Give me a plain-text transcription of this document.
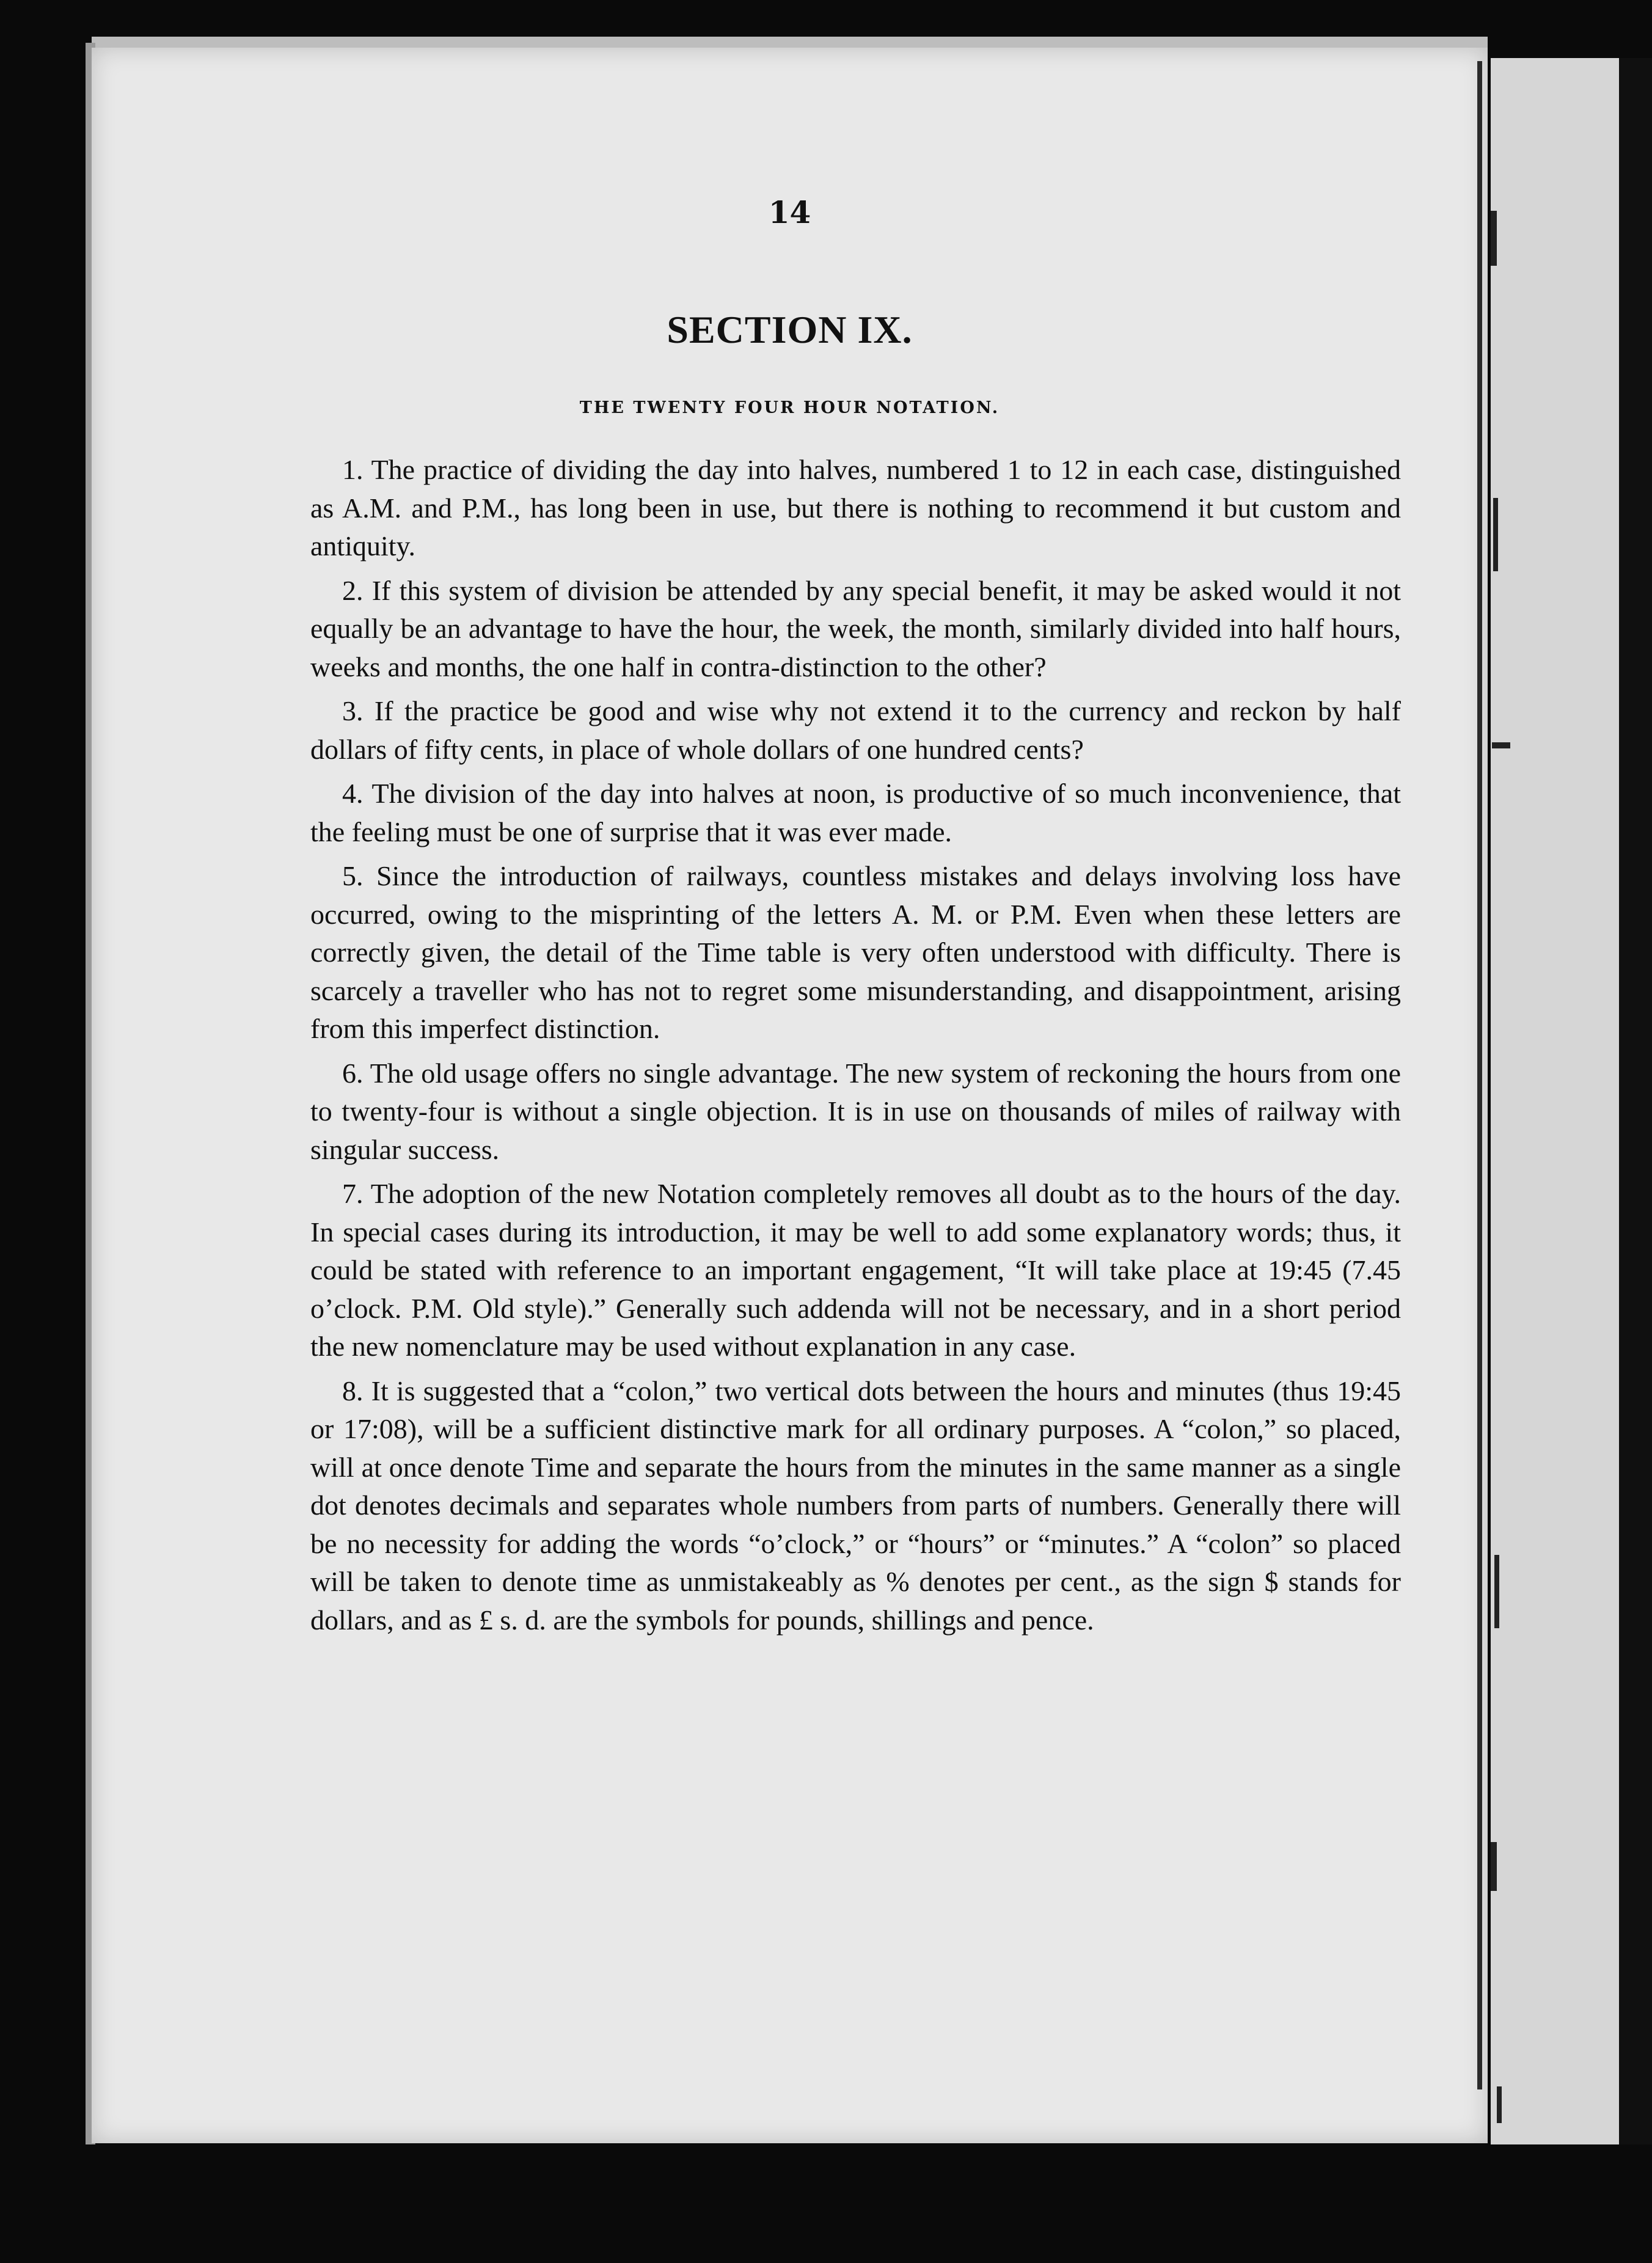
14
SECTION IX.
THE TWENTY FOUR HOUR NOTATION.

1. The practice of dividing the day into halves, numbered 1 to 12 in each case, distinguished as A.M. and P.M., has long been in use, but there is nothing to recommend it but custom and antiquity.

2. If this system of division be attended by any special benefit, it may be asked would it not equally be an advantage to have the hour, the week, the month, similarly divided into half hours, weeks and months, the one half in contra-distinction to the other?

3. If the practice be good and wise why not extend it to the currency and reckon by half dollars of fifty cents, in place of whole dollars of one hundred cents?

4. The division of the day into halves at noon, is productive of so much inconvenience, that the feeling must be one of surprise that it was ever made.

5. Since the introduction of railways, countless mistakes and delays involving loss have occurred, owing to the misprinting of the letters A. M. or P.M. Even when these letters are correctly given, the detail of the Time table is very often understood with difficulty. There is scarcely a traveller who has not to regret some misunderstanding, and disappointment, arising from this imperfect distinction.

6. The old usage offers no single advantage. The new system of reckoning the hours from one to twenty-four is without a single objection. It is in use on thousands of miles of railway with singular success.

7. The adoption of the new Notation completely removes all doubt as to the hours of the day. In special cases during its introduction, it may be well to add some explanatory words; thus, it could be stated with reference to an important engagement, “It will take place at 19:45 (7.45 o’clock. P.M. Old style).” Generally such addenda will not be necessary, and in a short period the new nomenclature may be used without explanation in any case.

8. It is suggested that a “colon,” two vertical dots between the hours and minutes (thus 19:45 or 17:08), will be a sufficient distinctive mark for all ordinary purposes. A “colon,” so placed, will at once denote Time and separate the hours from the minutes in the same manner as a single dot denotes decimals and separates whole numbers from parts of numbers. Generally there will be no necessity for adding the words “o’clock,” or “hours” or “minutes.” A “colon” so placed will be taken to denote time as unmistakeably as % denotes per cent., as the sign $ stands for dollars, and as £ s. d. are the symbols for pounds, shillings and pence.
